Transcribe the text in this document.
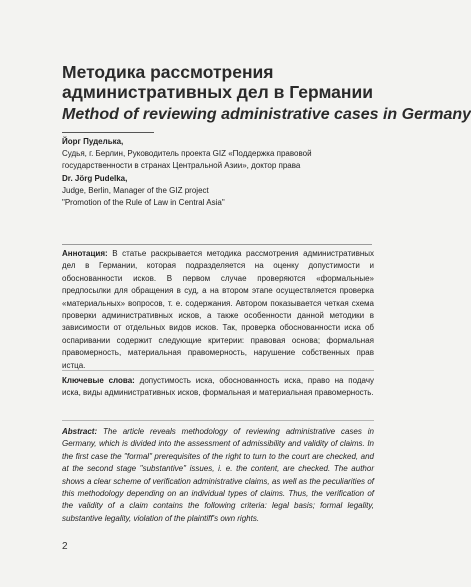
Методика рассмотрения административных дел в Германии
Method of reviewing administrative cases in Germany
Йорг Пуделька,
Судья, г. Берлин, Руководитель проекта GIZ «Поддержка правовой государственности в странах Центральной Азии», доктор права
Dr. Jörg Pudelka,
Judge, Berlin, Manager of the GIZ project
"Promotion of the Rule of Law in Central Asia"
Аннотация: В статье раскрывается методика рассмотрения административных дел в Германии, которая подразделяется на оценку допустимости и обоснованности исков. В первом случае проверяются «формальные» предпосылки для обращения в суд, а на втором этапе осуществляется проверка «материальных» вопросов, т. е. содержания. Автором показывается четкая схема проверки административных исков, а также особенности данной методики в зависимости от отдельных видов исков. Так, проверка обоснованности иска об оспаривании содержит следующие критерии: правовая основа; формальная правомерность, материальная правомерность, нарушение собственных прав истца.
Ключевые слова: допустимость иска, обоснованность иска, право на подачу иска, виды административных исков, формальная и материальная правомерность.
Abstract: The article reveals methodology of reviewing administrative cases in Germany, which is divided into the assessment of admissibility and validity of claims. In the first case the "formal" prerequisites of the right to turn to the court are checked, and at the second stage "substantive" issues, i. e. the content, are checked. The author shows a clear scheme of verification administrative claims, as well as the peculiarities of this methodology depending on an individual types of claims. Thus, the verification of the validity of a claim contains the following criteria: legal basis; formal legality, substantive legality, violation of the plaintiff's own rights.
2
